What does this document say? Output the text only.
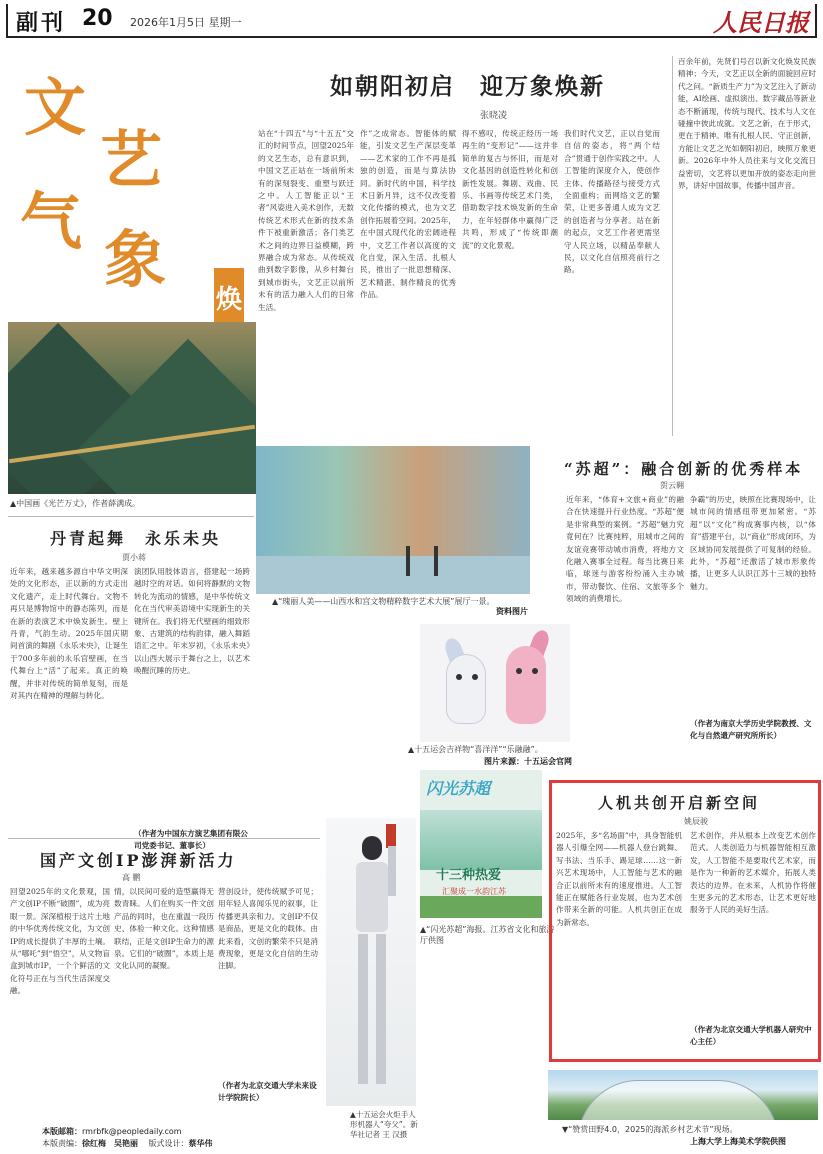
副刊 20 2026年1月5日 星期一	人民日报
文
艺
气
象
焕
如朝阳初启　迎万象焕新
张晓凌

站在“十四五”与“十五五”交汇的时间节点，回望2025年的文艺生态，总有意识到，中国文艺正站在一场前所未有的深刻裂变、重塑与跃迁之中。人工智能正以“王者”风姿进入美术创作，无数传统艺术形式在新的技术条件下被重新激活；各门类艺术之间的边界日益模糊，跨界融合成为常态。从传统戏曲到数字影像，从乡村舞台到城市街头，文艺正以前所未有的活力融入人们的日常生活。

作”之成常态。智能体的赋能，引发文艺生产深层变革——艺术家的工作不再是孤独的创造，而是与算法协同。新时代的中国，科学技术日新月异，这不仅改变着文化传播的模式，也为文艺创作拓展着空间。2025年，在中国式现代化的宏阔进程中，文艺工作者以高度的文化自觉，深入生活、扎根人民，推出了一批思想精深、艺术精湛、制作精良的优秀作品。

得不感叹，传统正经历一场再生的“变形记”——这并非简单的复古与怀旧，而是对文化基因的创造性转化和创新性发展。舞剧、戏曲、民乐、书画等传统艺术门类，借助数字技术焕发新的生命力，在年轻群体中赢得广泛共鸣，形成了“传统即潮流”的文化景观。

我们时代文艺，正以自觉而自信的姿态，将“两个结合”贯通于创作实践之中。人工智能的深度介入，使创作主体、传播路径与接受方式全面重构；而网络文艺的繁荣，让更多普通人成为文艺的创造者与分享者。站在新的起点，文艺工作者更需坚守人民立场，以精品奉献人民，以文化自信照亮前行之路。

百余年前，先贤们号召以新文化焕发民族精神；今天，文艺正以全新的面貌回应时代之问。“新质生产力”为文艺注入了新动能，AI绘画、虚拟演出、数字藏品等新业态不断涌现，传统与现代、技术与人文在碰撞中彼此成就。文艺之新，在于形式，更在于精神。唯有扎根人民、守正创新，方能让文艺之光如朝阳初启，映照万象更新。2026年中外人员往来与文化交流日益密切，文艺将以更加开放的姿态走向世界，讲好中国故事，传播中国声音。

▲中国画《光芒万丈》，作者薛满成。
▲“瑰丽人美——山西水和宫文物精粹数字艺术大展”展厅一景。
资料图片
丹青起舞　永乐未央
贾小蒋

近年来，越来越多源自中华文明深处的文化形态，正以新的方式走出文化遗产，走上时代舞台。文物不再只是博物馆中的静态陈列，而是在新的表演艺术中焕发新生。壁上丹青，气韵生动。2025年国庆期间首演的舞剧《永乐未央》，让诞生于700多年前的永乐宫壁画，在当代舞台上“活”了起来。真正的唤醒，并非对传统的简单复刻，而是对其内在精神的理解与转化。

演团队用肢体语言，搭建起一场跨越时空的对话。如何将静默的文物转化为流动的情感，是中华传统文化在当代审美语境中实现新生的关键所在。我们将无代壁画的细致形象、古建筑的结构韵律，融入舞蹈语汇之中。年末岁初，《永乐未央》以山西大展示于舞台之上，以艺术唤醒沉睡的历史。

（作者为中国东方演艺集团有限公司党委书记、董事长）
国产文创IP澎湃新活力
高 鹏

回望2025年的文化景观，国产文创IP不断“破圈”，成为亮眼一景。深深植根于这片土地的中华优秀传统文化，为文创IP的成长提供了丰厚的土壤。从“哪吒”到“悟空”，从文物盲盒到城市IP，一个个鲜活的文化符号正在与当代生活深度交融。

情，以民间可爱的造型赢得无数青睐。人们在购买一件文创产品的同时，也在重温一段历史、体验一种文化。这种情感联结，正是文创IP生命力的源泉。它们的“破圈”，本质上是文化认同的凝聚。

营创设计，使传统赋予可见；用年轻人喜闻乐见的叙事，让传播更具亲和力。文创IP不仅是商品，更是文化的载体。由此来看，文创的繁荣不只是消费现象，更是文化自信的生动注脚。

（作者为北京交通大学未来设计学院院长）
本版邮箱：rmrbfk@peopledaily.com
本版责编：徐红梅　吴艳丽 　 版式设计：蔡华伟
“苏超”：融合创新的优秀样本
贺云翱

近年来，“体育+文旅+商业”的融合在快速提升行业热度。“苏超”便是非常典型的案例。“苏超”魅力究竟何在？比赛纯粹，用城市之间的友谊竞赛带动城市消费，将地方文化融入赛事全过程。每当比赛日来临，球迷与游客纷纷涌入主办城市，带动餐饮、住宿、文旅等多个领域的消费增长。

争霸”的历史，映照在比赛现场中，让城市间的情感纽带更加紧密。“苏超”以“文化”构成赛事内核，以“体育”搭建平台，以“商业”形成闭环，为区域协同发展提供了可复制的经验。此外，“苏超”还激活了城市形象传播，让更多人认识江苏十三城的独特魅力。

（作者为南京大学历史学院教授、文化与自然遗产研究所所长）
▲十五运会吉祥物“喜洋洋”“乐融融”。
图片来源：十五运会官网
闪光苏超
十三种热爱
汇聚成一水韵江苏
▲“闪光苏超”海报。江苏省文化和旅游厅供图
▲十五运会火炬手人形机器人“夸父”。新华社记者 王 汉摄
人机共创开启新空间
姚辰骏

2025年，多“名场面”中，具身智能机器人引爆全网——机器人登台跳舞、写书法、当乐手、踢足球……这一新兴艺术现场中，人工智能与艺术的融合正以前所未有的速度推进。人工智能正在赋能各行业发展，也为艺术创作带来全新的可能。人机共创正在成为新常态。

艺术创作，并从根本上改变艺术创作范式。人类创造力与机器智能相互激发，人工智能不是要取代艺术家，而是作为一种新的艺术媒介，拓展人类表达的边界。在未来，人机协作将催生更多元的艺术形态，让艺术更好地服务于人民的美好生活。

（作者为北京交通大学机器人研究中心主任）
▼“赞赏田野4.0，2025的海派乡村艺术节”现场。
上海大学上海美术学院供图
